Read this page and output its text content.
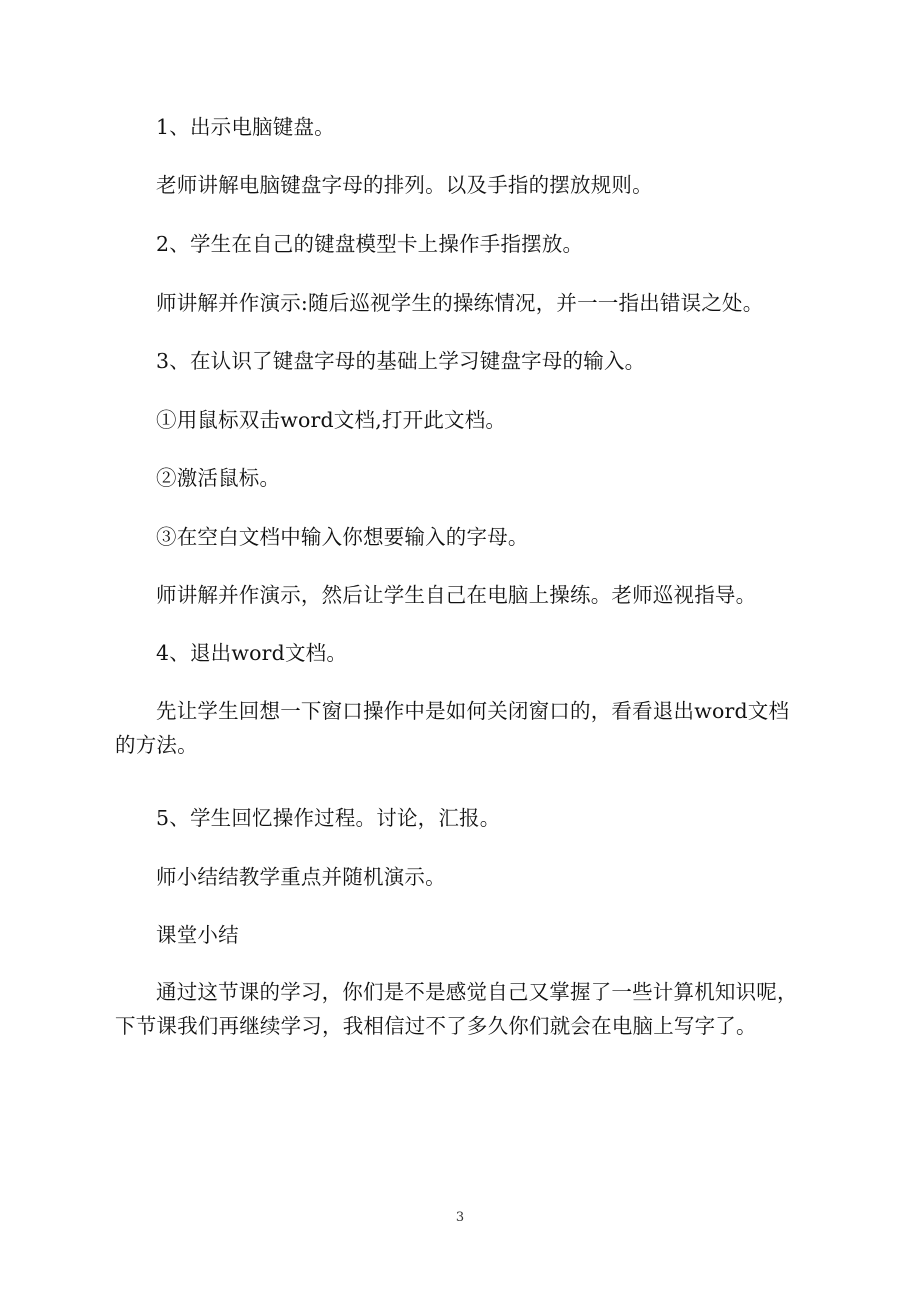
1、出示电脑键盘。

老师讲解电脑键盘字母的排列。以及手指的摆放规则。

2、学生在自己的键盘模型卡上操作手指摆放。

师讲解并作演示:随后巡视学生的操练情况，并一一指出错误之处。

3、在认识了键盘字母的基础上学习键盘字母的输入。

①用鼠标双击word文档,打开此文档。

②激活鼠标。

③在空白文档中输入你想要输入的字母。

师讲解并作演示，然后让学生自己在电脑上操练。老师巡视指导。

4、退出word文档。

先让学生回想一下窗口操作中是如何关闭窗口的，看看退出word文档的方法。

5、学生回忆操作过程。讨论，汇报。

师小结结教学重点并随机演示。

课堂小结

通过这节课的学习，你们是不是感觉自己又掌握了一些计算机知识呢，下节课我们再继续学习，我相信过不了多久你们就会在电脑上写字了。

3
